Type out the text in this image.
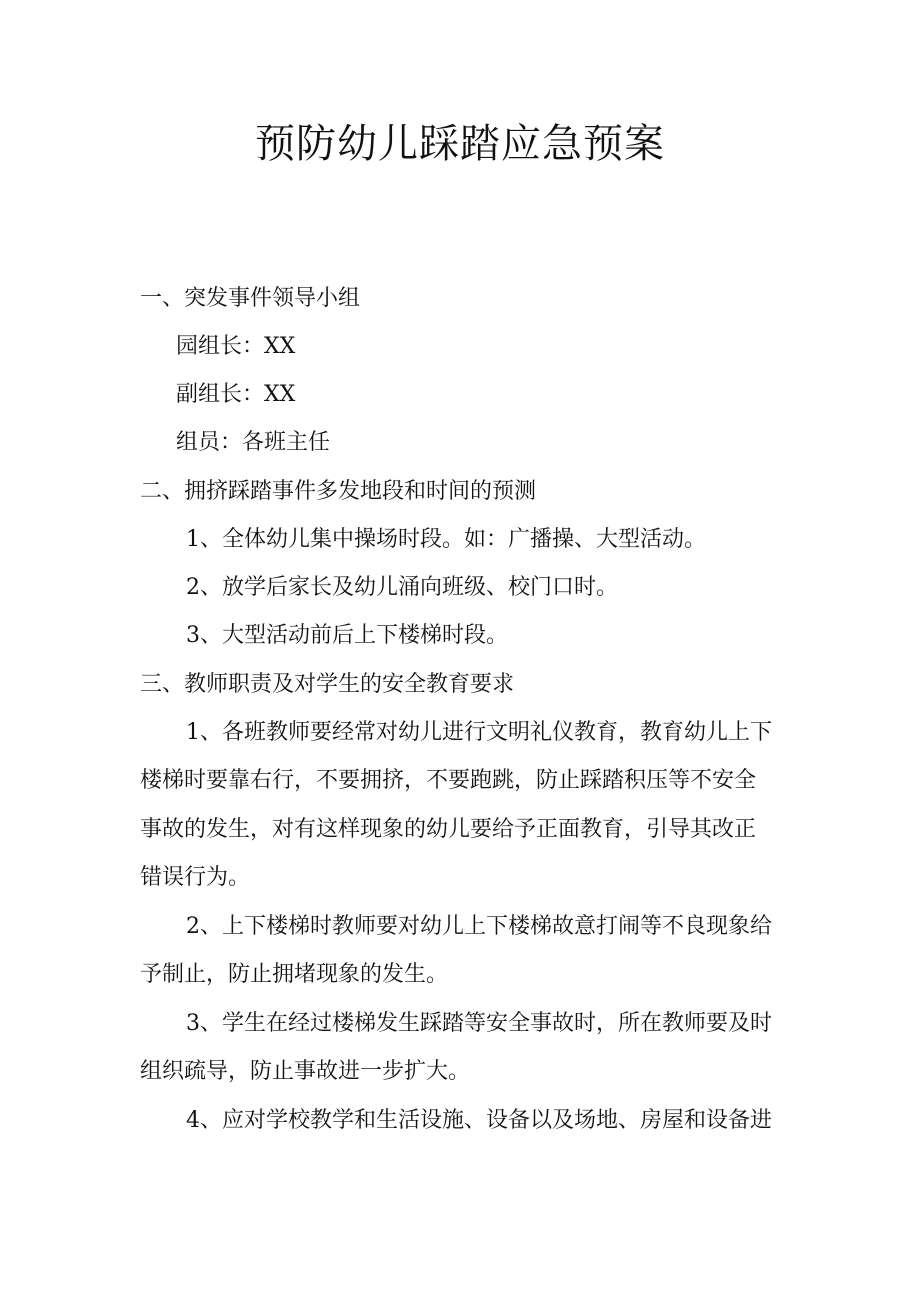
预防幼儿踩踏应急预案

一、突发事件领导小组

园组长：XX

副组长：XX

组员：各班主任

二、拥挤踩踏事件多发地段和时间的预测

1、全体幼儿集中操场时段。如：广播操、大型活动。

2、放学后家长及幼儿涌向班级、校门口时。

3、大型活动前后上下楼梯时段。

三、教师职责及对学生的安全教育要求

1、各班教师要经常对幼儿进行文明礼仪教育，教育幼儿上下

楼梯时要靠右行，不要拥挤，不要跑跳，防止踩踏积压等不安全

事故的发生，对有这样现象的幼儿要给予正面教育，引导其改正

错误行为。

2、上下楼梯时教师要对幼儿上下楼梯故意打闹等不良现象给

予制止，防止拥堵现象的发生。

3、学生在经过楼梯发生踩踏等安全事故时，所在教师要及时

组织疏导，防止事故进一步扩大。

4、应对学校教学和生活设施、设备以及场地、房屋和设备进
